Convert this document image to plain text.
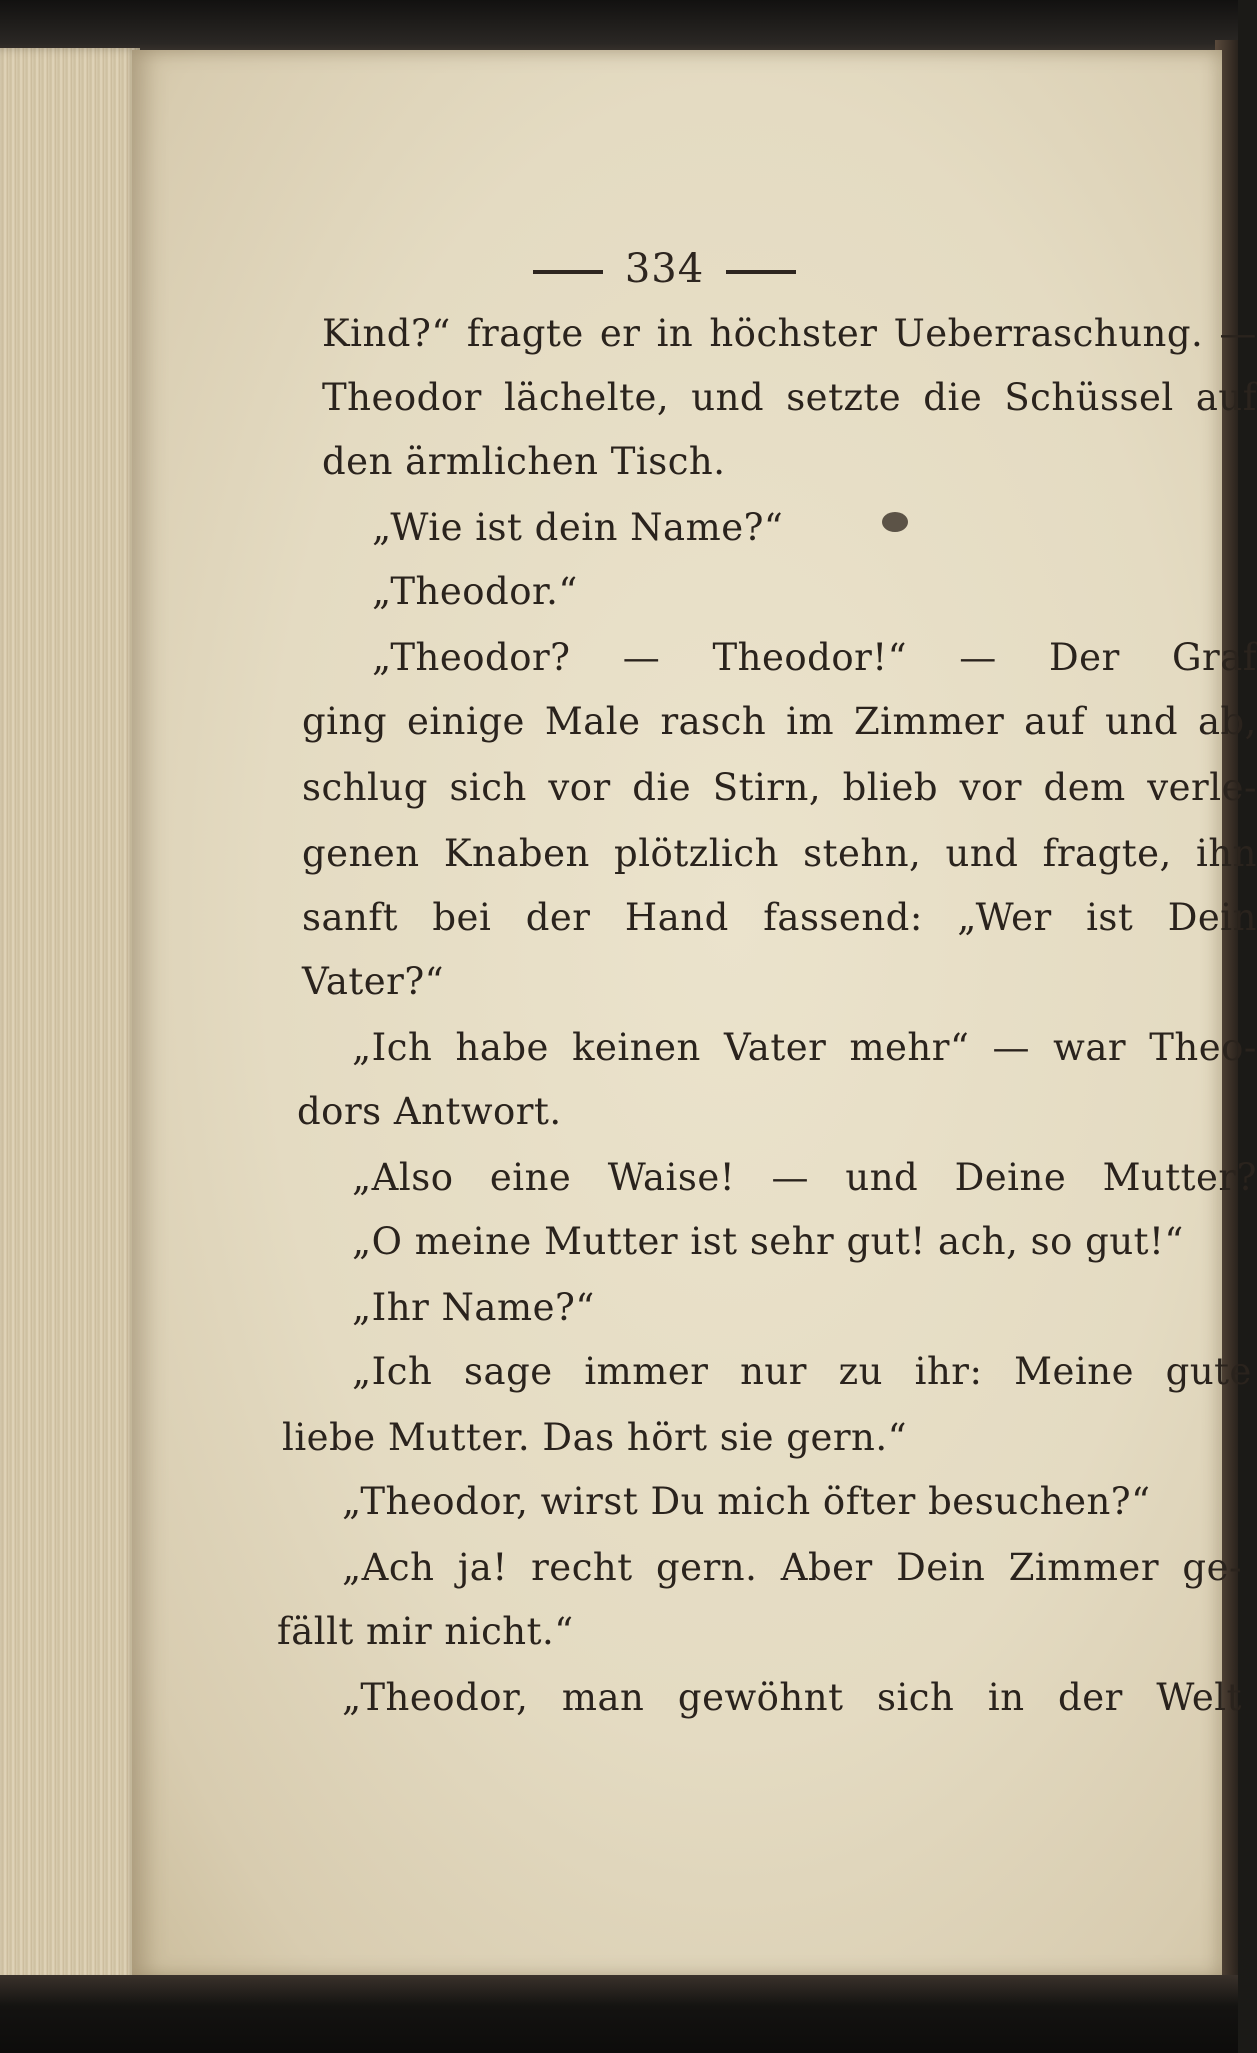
334
Kind?“ fragte er in höchster Ueberraschung. —
Theodor lächelte, und setzte die Schüssel auf
den ärmlichen Tisch.
„Wie ist dein Name?“
„Theodor.“
„Theodor? — Theodor!“ — Der Graf
ging einige Male rasch im Zimmer auf und ab,
schlug sich vor die Stirn, blieb vor dem verle-
genen Knaben plötzlich stehn, und fragte, ihn
sanft bei der Hand fassend: „Wer ist Dein
Vater?“
„Ich habe keinen Vater mehr“ — war Theo-
dors Antwort.
„Also eine Waise! — und Deine Mutter?
„O meine Mutter ist sehr gut! ach, so gut!“
„Ihr Name?“
„Ich sage immer nur zu ihr: Meine gute
liebe Mutter. Das hört sie gern.“
„Theodor, wirst Du mich öfter besuchen?“
„Ach ja! recht gern. Aber Dein Zimmer ge-
fällt mir nicht.“
„Theodor, man gewöhnt sich in der Welt
